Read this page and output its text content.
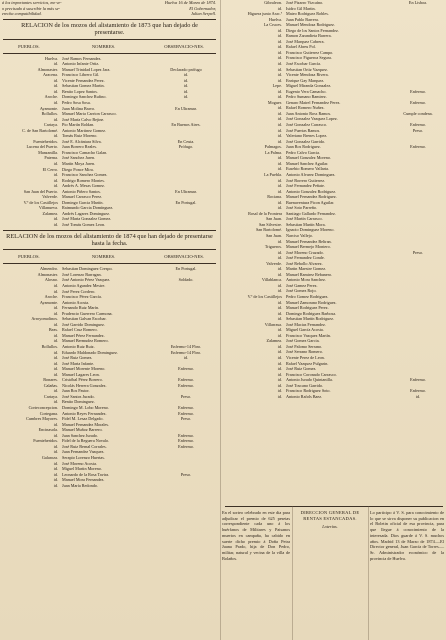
á los importantes servicios, me ve-
o precisado á suscribir la más se-
erecha compatibilidad.
Huelva 16 de Marzo de 1874.
El Gobernador,
Julian Serpell.
RELACION de los mozos del alistamiento de 1873 que han dejado de presentarse.
PUEBLOS.	NOMBRES.	OBSERVACIO-NES.
Huelva. José Ramos Fernandez.
id. Antonio Infante Ortiz.
Almonaster. Manuel Trinidad Lopez Jara.	Declarado prófugo
Aracena. Francisco Librero Gil.	id.
id. Vicente Fernandez Perez.	id.
id. Sebastian Gomez Martin.	id.
id. Benito Lopez Santos.	id.
Aroche. Domingo Sanchez Rufino.	id.
id. Pedro Sosa Sosa.
Ayamonte. Juan Molina Bravo.	En Ultramar.
Bollullos. Manuel Maria Carrion Carrasco.
id. José María Calvo Bejine.
Cartaya. Pio Martín Roldan.	En Buenos Aires.
C. de San Bartolomé. Antonio Martinez Gomez.
id. Tomás Ruiz Moreno.
Fuenteheridos. José E. Alcántara Silva.	En Ceuta.
Lucena del Puerto. Juan Borrero Reales.	Prófugo.
Manzanilla. Francisco Camacho Galan.
Paterna. José Sanchez Jaren.
id. Martín Moya Jaren.
El Cerro. Diego Ponce Mira.
id. Francisco Sanchez Gomez.
id. Rodrigo Romero Montes.
id. Andrés A. Mesas Gomez.
San Juan del Puerto. Antonio Piñero Santos.	En Ultramar.
Valverde. Manuel Carrasco Perez.
V.ª de los Castillejos Domingo Garcia Martín.	En Portugal.
Villanueva. Raimundo Garcia Domínguez.
Zalamea. Andrés Lagares Dominguez.
id. José Maria Gonzalez Gomez.
id. José Tomás Gomez Leon.
RELACION de los mozos del alistamiento de 1874 que han dejado de presentarse hasta la fecha.
PUEBLOS.	NOMBRES.	OBSERVACIO-NES.
Almendro. Sebastian Dominguez Crespo.	En Portugal.
Almonaster. José Lorenzo Barragan.
Alosno. José Antonio Pérez Vazquez.	Soldado.
id. Antonio Agundez Mestre.
id. José Perez Cordero.
Aroche. Francisco Pérez García.
Ayamonte. Antonio Acosta.
id. Fernando Ruiz Marín.
id. Prudencio Guerrero Carmona.
Arroyomolinos. Sebastian Galvan Escobar.
id. José Garrido Dominguez.
Beas. Rafael Cruz Romero.
id. Manuel Pérez Fernandez.
id. Manuel Bermudez Romero.
Bollullos. Antonio Ruiz Ruiz.	Enfermo-14 Fbro.
id. Eduardo Maldonado Dominguez.	Enfermo-14 Fbro.
id. José Ruiz Gomez.	id.
id. José Maria Infante.
id. Manuel Morente Moreno.	Enfermo.
id. Manuel Lagares Leon.
Bonares. Cristóbal Pérez Borrero.	Enfermo.
Calañas. Nicolás Herrera Gonzalez.	Enfermo.
id. Juan Ros Pastor.
Cartaya. José Santos Jurado.	Preso.
id. Benito Dominguez.
Corteconcepcion. Domingo M. Lobo Moreno.	Enfermo.
Cortegana. Antonio Reyes Fernandez.	Enfermo.
Cumbres Mayores. Fidel M. Lesaz Delgado.	Preso.
id. Manuel Fernandez Morales.
Encinasola. Manuel Muñoz Barrero.
id. Juan Sanchez Jurado.	Enfermo.
Fuenteheridos. Fidel de la Reguera Novalo.	Enfermo.
id. José Ruiz Bernal Corrales.	Enfermo.
id. Juan Fernandez Vazquez.
Galaroza. Serapio Lorenzo Huertas.
id. José Moreno Acosta.
id. Miguel Martin Moreno.
id. Leonardo de la Rosa Tavira.	Preso.
id. Manuel Mora Fernandez.
id. Juan María Redondo.
Gibraleon. José Pizarro Vizcaíno.	En Lisboa.
id. Isidro Gil Martin.
Higuera junto Arac.ª Mateo Rodriguez Robles.
Huelva. Juan Pablo Barrera.
La Cruces. Manuel Mendoza Rodriguez.
id. Diego de los Santos Fernandez.
id. Ramon Zarandieta Barrera.
id. José Marquez Cabrera.
id. Rafael Abreu Pol.
id. Francisco Gutierrez Campo.
id. Francisco Figueroa Segura.
id. José Escobar García.
id. Sebastian Ortiz Vazquez.
id. Vicente Mendoza Rivera.
id. Enrique Gay Marquez.
Lepe. Miguel Miranda Gonzalez.
id. Eugenio Vera Camacho.	Enfermo.
id. Pedro Sumano Ramirez.
Moguer. Genaro Mairel Fernandez Perez.	Enfermo.
id. Rafael Romero Nuñez.
id. Juan Antonio Ross Ramos.	Cumple condena.
id. José Gonzalez Vazquez Lopez.
id. José Gonzalez Carrasco.	Enfermo.
id. José Puertas Ramos.	Preso.
id. Valeriano Brenes Lopez.
id. José Gonzalez Garrido.
Palmagos. Juan Ros Rodriguez.	Enfermo.
La Palma. Pedro Calvo Garcia.
id. Manuel Gonzalez Moreno.
id. Manuel Sanchez Aguilar.
id. Eusebio Romero Vallarta.
La Puebla. Antonio Alvarez Dominguez.
id. José Borrero Gutierrez.
id. José Fernandez Peñate.
id. Antonio Gonzalez Rodriguez.
Rociana. Manuel Fernandez Rodriguez.
id. Buenaventura Picon Aguilar.
id. José Soto Parreño.
Rosal de la Frontera Santiago Gallardo Fernandez.
San Juan. José Martín Carrasco.
San Silvestre. Sebastian Martín Mora.
San Bartolomé. Ignacio Dominguez Moreno.
San Juan. Narciso Vallejo.
id. Manuel Fernandez Beltran.
Trigueros. Manuel Bermejo Montero.
id. José Moreno Cruzado.	Preso.
id. José Fernandez Conde.
Valverde. José Rebollo Alvarez.
id. Martin Maestre Gomez.
id. Manuel Ramirez Rebanero.
Villablanca. Antonio Mora Sanchez.
id. José Gamez Perez.
id. José Gomez Rojo.
V.ª de los Castillejos Pedro Gomez Rodriguez.
id. Manuel Zamorano Rodriguez.
id. Manuel Rodriguez Perez.
id. Domingo Rodriguez Barbosa.
id. Sebastian Martín Rodriguez.
Villarrasa. José Macias Fernandez.
id. Miguel García Acosta.
id. Francisco Vazquez Martín.
Zalamea. José Gomez Garcia.
id. José Palomo Serrano.
id. José Serrano Romero.
id. Vicente Perez de Leon.
id. Rafael Vazquez Pulgarin.
id. José Ruiz Gomez.
id. Francisco Coronado Carrasco.
id. Antonio Jurado Quintanilla.	Enfermo.
id. José Toscano Garrido.
id. Francisco Rodriguez Soto.	Enfermo.
id. Antonio Rafols Baez.	id.
En el sorteo celebrado en este dia para adjudicar el premio de 625 pesetas correspondiente cada uno á los huérfanos de Militares y Paisanos muertos en campaña, ha cabido en suerte dicho premio á Doña Petra Juana Prado, hija de Don Pedro, militar, natural y vecina de la villa de Bolaños.
DIRECCION GENERAL DE RENTAS ESTANCADAS.
Loterías.
Lo participo á V. S. para conocimiento de lo que se sirva disponer su publicacion en el Boletin oficial de esa provincia, para que llegue á conocimiento de la interesada. Dios guarde á V. S. muchos años. Madrid 13 de Marzo de 1874.—El Director general, Juan García de Torres.—Sr. Administrador económico de la provincia de Huelva.
